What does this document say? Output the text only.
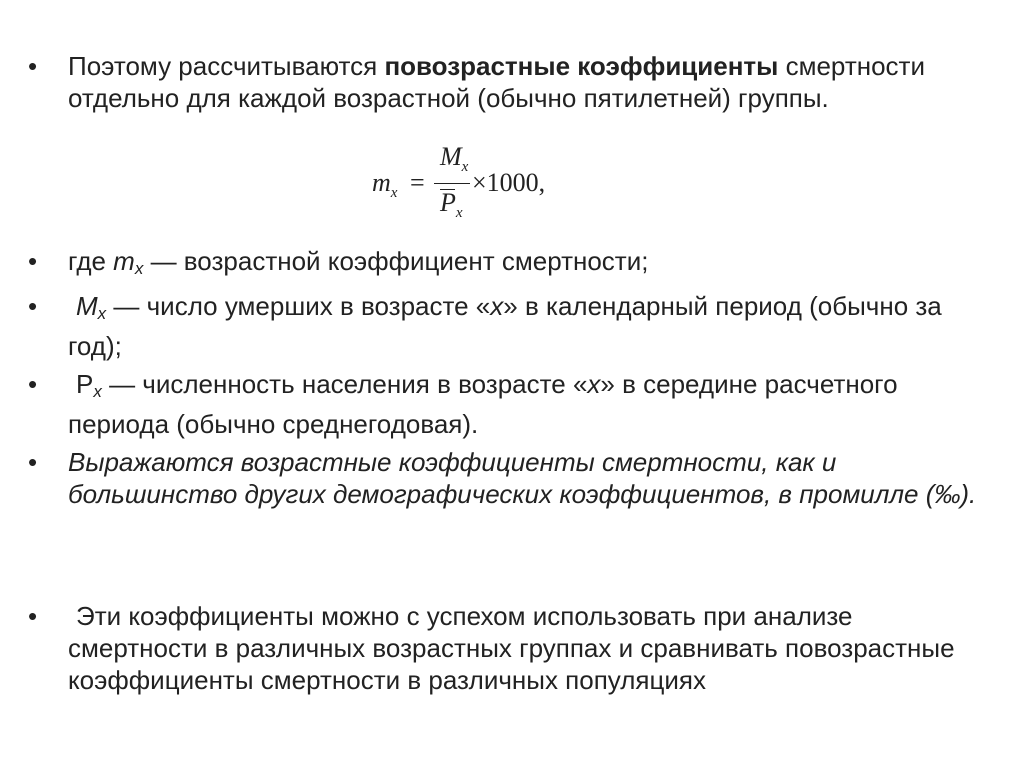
• Поэтому рассчитываются повозрастные коэффициенты смертности отдельно для каждой возрастной (обычно пятилетней) группы.
$m_x$ =
$M_x$
$P_x$
×1000,
• где $m_x$ — возрастной коэффициент смертности;
• $M_x$ — число умерших в возрасте «x» в календарный период (обычно за год);
• $P_x$ — численность населения в возрасте «x» в середине расчетного периода (обычно среднегодовая).
• Выражаются возрастные коэффициенты смертности, как и большинство других демографических коэффициентов, в промилле (‰).
• Эти коэффициенты можно с успехом использовать при анализе смертности в различных возрастных группах и сравнивать повозрастные коэффициенты смертности в различных популяциях
